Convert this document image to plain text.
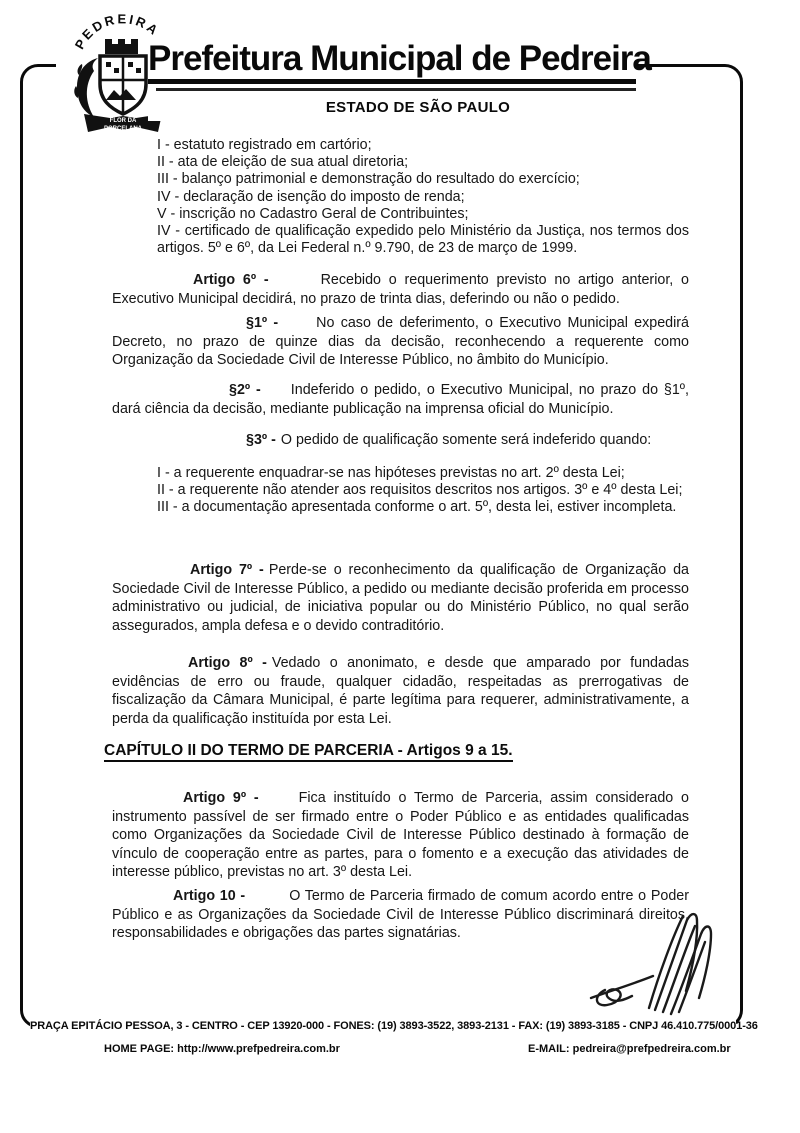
PEDREIRA
FLOR DA
PORCELANA
Prefeitura Municipal de Pedreira
ESTADO DE SÃO PAULO
I - estatuto registrado em cartório;
II - ata de eleição de sua atual diretoria;
III - balanço patrimonial e demonstração do resultado do exercício;
IV - declaração de isenção do imposto de renda;
V - inscrição no Cadastro Geral de Contribuintes;
IV - certificado de qualificação expedido pelo Ministério da Justiça, nos termos dos artigos. 5º e 6º, da Lei Federal n.º 9.790, de 23 de março de 1999.

Artigo 6º -	Recebido o requerimento previsto no artigo anterior, o Executivo Municipal decidirá, no prazo de trinta dias, deferindo ou não o pedido.

§1º -	No caso de deferimento, o Executivo Municipal expedirá Decreto, no prazo de quinze dias da decisão, reconhecendo a requerente como Organização da Sociedade Civil de Interesse Público, no âmbito do Município.

§2º - Indeferido o pedido, o Executivo Municipal, no prazo do §1º, dará ciência da decisão, mediante publicação na imprensa oficial do Município.

§3º - O pedido de qualificação somente será indeferido quando:

I - a requerente enquadrar-se nas hipóteses previstas no art. 2º desta Lei;
II - a requerente não atender aos requisitos descritos nos artigos. 3º e 4º desta Lei;
III - a documentação apresentada conforme o art. 5º, desta lei, estiver incompleta.

Artigo 7º - Perde-se o reconhecimento da qualificação de Organização da Sociedade Civil de Interesse Público, a pedido ou mediante decisão proferida em processo administrativo ou judicial, de iniciativa popular ou do Ministério Público, no qual serão assegurados, ampla defesa e o devido contraditório.

Artigo 8º - Vedado o anonimato, e desde que amparado por fundadas evidências de erro ou fraude, qualquer cidadão, respeitadas as prerrogativas de fiscalização da Câmara Municipal, é parte legítima para requerer, administrativamente, a perda da qualificação instituída por esta Lei.

CAPÍTULO II DO TERMO DE PARCERIA - Artigos 9 a 15.

Artigo 9º -	Fica instituído o Termo de Parceria, assim considerado o instrumento passível de ser firmado entre o Poder Público e as entidades qualificadas como Organizações da Sociedade Civil de Interesse Público destinado à formação de vínculo de cooperação entre as partes, para o fomento e a execução das atividades de interesse público, previstas no art. 3º desta Lei.

Artigo 10 -	O Termo de Parceria firmado de comum acordo entre o Poder Público e as Organizações da Sociedade Civil de Interesse Público discriminará direitos, responsabilidades e obrigações das partes signatárias.

PRAÇA EPITÁCIO PESSOA, 3 - CENTRO - CEP 13920-000 - FONES: (19) 3893-3522, 3893-2131 - FAX: (19) 3893-3185 - CNPJ 46.410.775/0001-36
HOME PAGE: http://www.prefpedreira.com.br	E-MAIL: pedreira@prefpedreira.com.br
